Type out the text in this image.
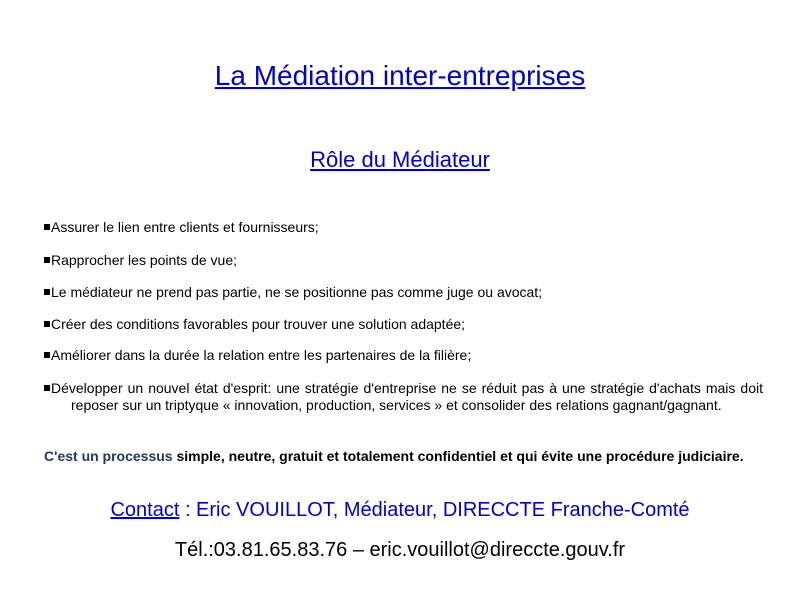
La Médiation inter-entreprises
Rôle du Médiateur
Assurer le lien entre clients et fournisseurs;
Rapprocher les points de vue;
Le médiateur ne prend pas partie, ne se positionne pas comme juge ou avocat;
Créer des conditions favorables pour trouver une solution adaptée;
Améliorer dans la durée la relation entre les partenaires de la filière;
Développer un nouvel état d'esprit: une stratégie d'entreprise ne se réduit pas à une stratégie d'achats mais doit reposer sur un triptyque « innovation, production, services » et consolider des relations gagnant/gagnant.
C'est un processus simple, neutre, gratuit et totalement confidentiel et qui évite une procédure judiciaire.
Contact : Eric VOUILLOT, Médiateur, DIRECCTE Franche-Comté
Tél.:03.81.65.83.76 – eric.vouillot@direccte.gouv.fr
